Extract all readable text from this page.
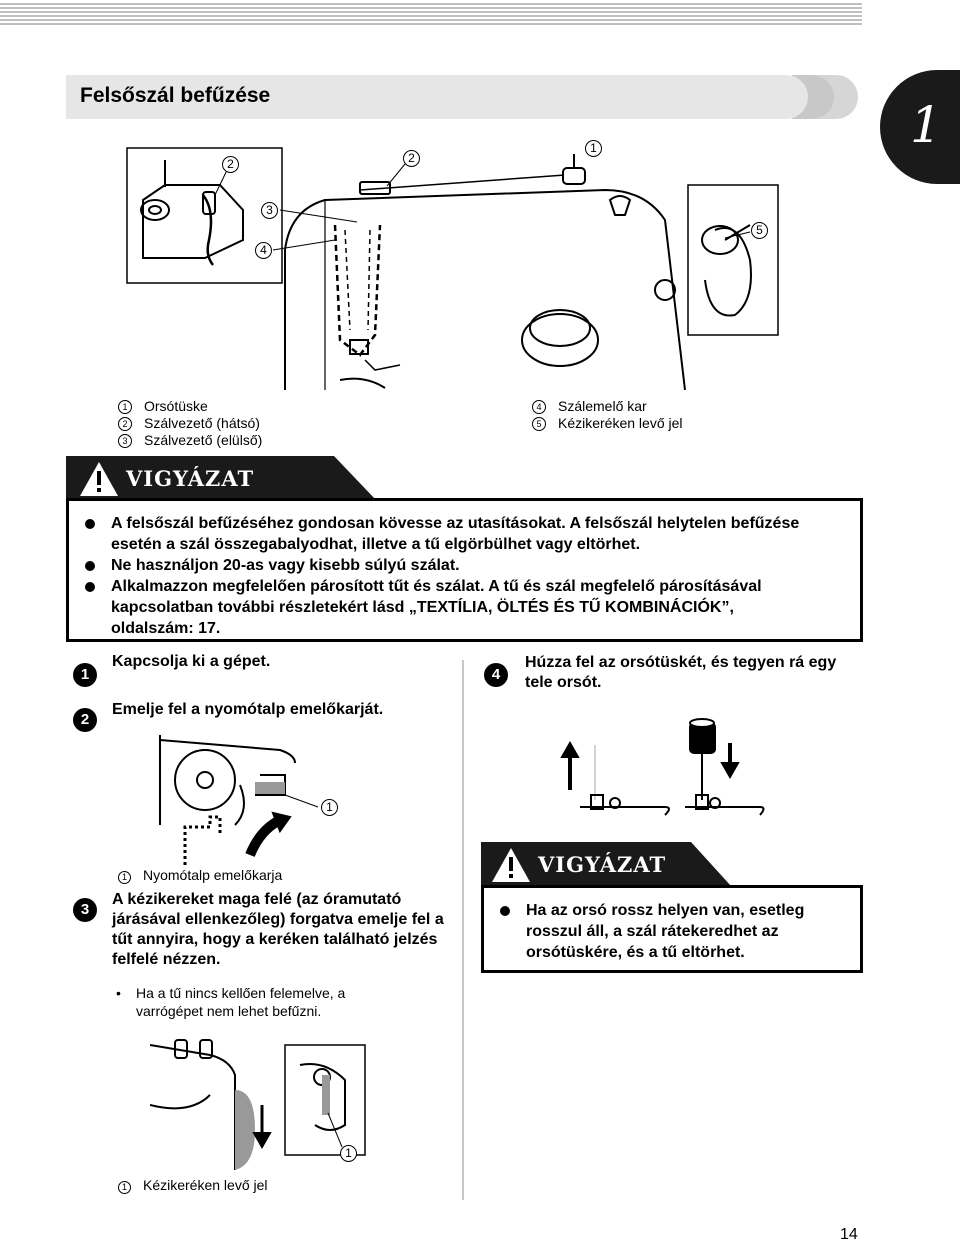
Felsőszál befűzése
1
2	2
1
3
4
5
1 Orsótüske
2 Szálvezető (hátsó)
3 Szálvezető (elülső)
4 Szálemelő kar
5 Kézikeréken levő jel
VIGYÁZAT
A felsőszál befűzéséhez gondosan kövesse az utasításokat. A felsőszál helytelen befűzése esetén a szál összegabalyodhat, illetve a tű elgörbülhet vagy eltörhet.
Ne használjon 20-as vagy kisebb súlyú szálat.
Alkalmazzon megfelelően párosított tűt és szálat. A tű és szál megfelelő párosításával kapcsolatban további részletekért lásd „TEXTÍLIA, ÖLTÉS ÉS TŰ KOMBINÁCIÓK”, oldalszám: 17.
1
Kapcsolja ki a gépet.
2
Emelje fel a nyomótalp emelőkarját.
1
1 Nyomótalp emelőkarja
3
A kézikereket maga felé (az óramutató járásával ellenkezőleg) forgatva emelje fel a tűt annyira, hogy a keréken található jelzés felfelé nézzen.
•	Ha a tű nincs kellően felemelve, a varrógépet nem lehet befűzni.
1
1 Kézikeréken levő jel
4
Húzza fel az orsótüskét, és tegyen rá egy tele orsót.
VIGYÁZAT
Ha az orsó rossz helyen van, esetleg rosszul áll, a szál rátekeredhet az orsótüskére, és a tű eltörhet.
14
